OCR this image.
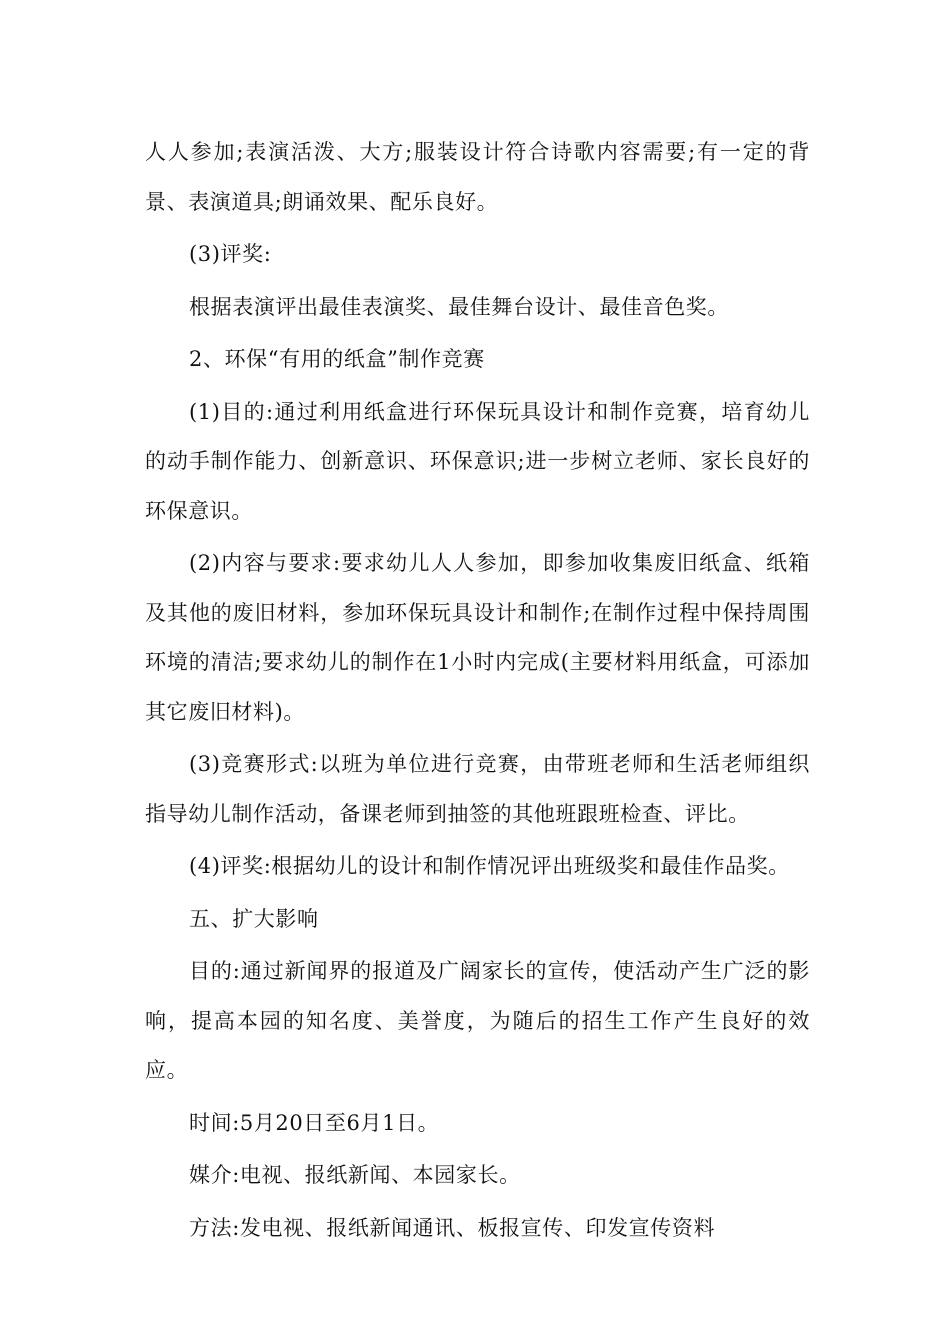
人人参加;表演活泼、大方;服装设计符合诗歌内容需要;有一定的背景、表演道具;朗诵效果、配乐良好。

(3)评奖:

根据表演评出最佳表演奖、最佳舞台设计、最佳音色奖。

2、环保“有用的纸盒”制作竞赛

(1)目的:通过利用纸盒进行环保玩具设计和制作竞赛，培育幼儿的动手制作能力、创新意识、环保意识;进一步树立老师、家长良好的环保意识。

(2)内容与要求:要求幼儿人人参加，即参加收集废旧纸盒、纸箱及其他的废旧材料，参加环保玩具设计和制作;在制作过程中保持周围环境的清洁;要求幼儿的制作在1小时内完成(主要材料用纸盒，可添加其它废旧材料)。

(3)竞赛形式:以班为单位进行竞赛，由带班老师和生活老师组织指导幼儿制作活动，备课老师到抽签的其他班跟班检查、评比。

(4)评奖:根据幼儿的设计和制作情况评出班级奖和最佳作品奖。

五、扩大影响

目的:通过新闻界的报道及广阔家长的宣传，使活动产生广泛的影响，提高本园的知名度、美誉度，为随后的招生工作产生良好的效应。

时间:5月20日至6月1日。

媒介:电视、报纸新闻、本园家长。

方法:发电视、报纸新闻通讯、板报宣传、印发宣传资料
